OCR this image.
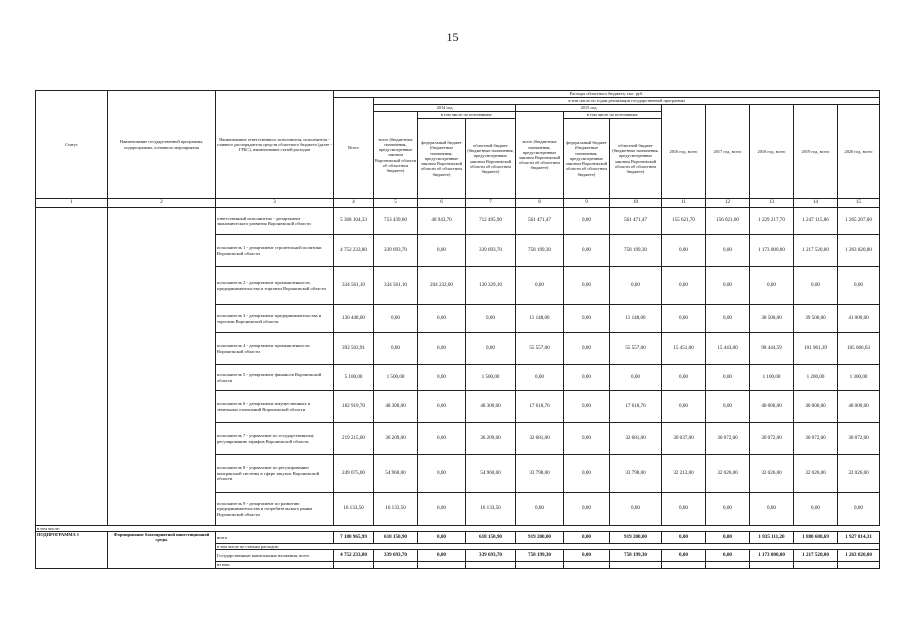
15
Статус	Наименование государственной программы, подпрограммы, основного мероприятия	Наименование ответственного исполнителя, исполнителя - главного распорядителя средств областного бюджета (далее - ГРБС), наименование статей расходов	Расходы областного бюджета, тыс. руб.											
			Всего	в том числе по годам реализации государственной программы										
				2014 год			2015 год			2016 год, всего	2017 год, всего	2018 год, всего	2019 год, всего	2020 год, всего
				всего (бюджетные назначения, предусмотренные законом Воронежской области об областном бюджете)	в том числе по источникам:		всего (бюджетные назначения, предусмотренные законом Воронежской области об областном бюджете)	в том числе по источникам:						
					федеральный бюджет (бюджетные назначения, предусмотренные законом Воронежской области об областном бюджете)	областной бюджет (бюджетные назначения, предусмотренные законом Воронежской области об областном бюджете)		федеральный бюджет (бюджетные назначения, предусмотренные законом Воронежской области об областном бюджете)	областной бюджет (бюджетные назначения, предусмотренные законом Воронежской области об областном бюджете)					
1	2	3	4	5	6	7	8	9	10	11	12	13	14	15
		ответственный исполнитель - департамент экономического развития Воронежской области	5 368 104,33	753 439,60	40 943,70	712 495,90	561 471,47	0,00	561 471,47	155 621,70	156 021,00	1 229 217,70	1 247 115,86	1 265 207,00
		исполнитель 1 - департамент строительной политики Воронежской области	4 752 233,80	339 693,70	0,00	339 693,70	758 199,30	0,00	758 199,30	0,00	0,00	1 173 000,00	1 217 520,00	1 263 820,80
		исполнитель 2 - департамент промышленности, предпринимательства и торговли Воронежской области	334 561,10	334 561,10	204 232,00	130 329,10	0,00	0,00	0,00	0,00	0,00	0,00	0,00	0,00
		исполнитель 3 - департамент предпринимательства и торговли Воронежской области	130 448,00	0,00	0,00	0,00	11 148,00	0,00	11 148,00	0,00	0,00	38 500,00	39 500,00	41 000,00
		исполнитель 4 - департамент промышленности Воронежской области	392 503,91	0,00	0,00	0,00	55 557,00	0,00	55 557,00	15 451,00	15 443,00	98 444,59	101 961,39	105 666,63
		исполнитель 5 - департамент финансов Воронежской области	5 100,00	1 500,00	0,00	1 500,00	0,00	0,00	0,00	0,00	0,00	1 100,00	1 200,00	1 300,00
		исполнитель 6 - департамент имущественных и земельных отношений Воронежской области	182 919,70	48 300,00	0,00	48 300,00	17 618,70	0,00	17 618,70	0,00	0,00	40 000,00	40 000,00	40 000,00
		исполнитель 7 - управление по государственному регулированию тарифов Воронежской области	219 215,00	36 209,00	0,00	36 209,00	32 681,00	0,00	32 681,00	30 037,00	30 072,00	30 072,00	30 072,00	30 072,00
		исполнитель 8 - управление по регулированию контрактной системы в сфере закупок Воронежской области	249 075,00	54 960,00	0,00	54 960,00	33 798,00	0,00	33 798,00	32 213,00	32 026,00	32 026,00	32 026,00	32 026,00
		исполнитель 9 - департамент по развитию предпринимательства и потребительского рынка Воронежской области	16 133,50	16 133,50	0,00	16 133,50	0,00	0,00	0,00	0,00	0,00	0,00	0,00	0,00
в том числе:														
ПОДПРОГРАММА 1	Формирование благоприятной инвестиционной среды	всего	7 180 965,99	618 150,90	0,00	618 150,90	919 200,00	0,00	919 200,00	0,00	0,00	1 835 111,20	1 880 688,69	1 927 814,31
		в том числе по статьям расходов:												
		Государственные капитальные вложения, всего	4 752 233,80	339 693,70	0,00	339 693,70	758 199,30	0,00	758 199,30	0,00	0,00	1 173 000,00	1 217 520,00	1 263 820,80
		из них:												
